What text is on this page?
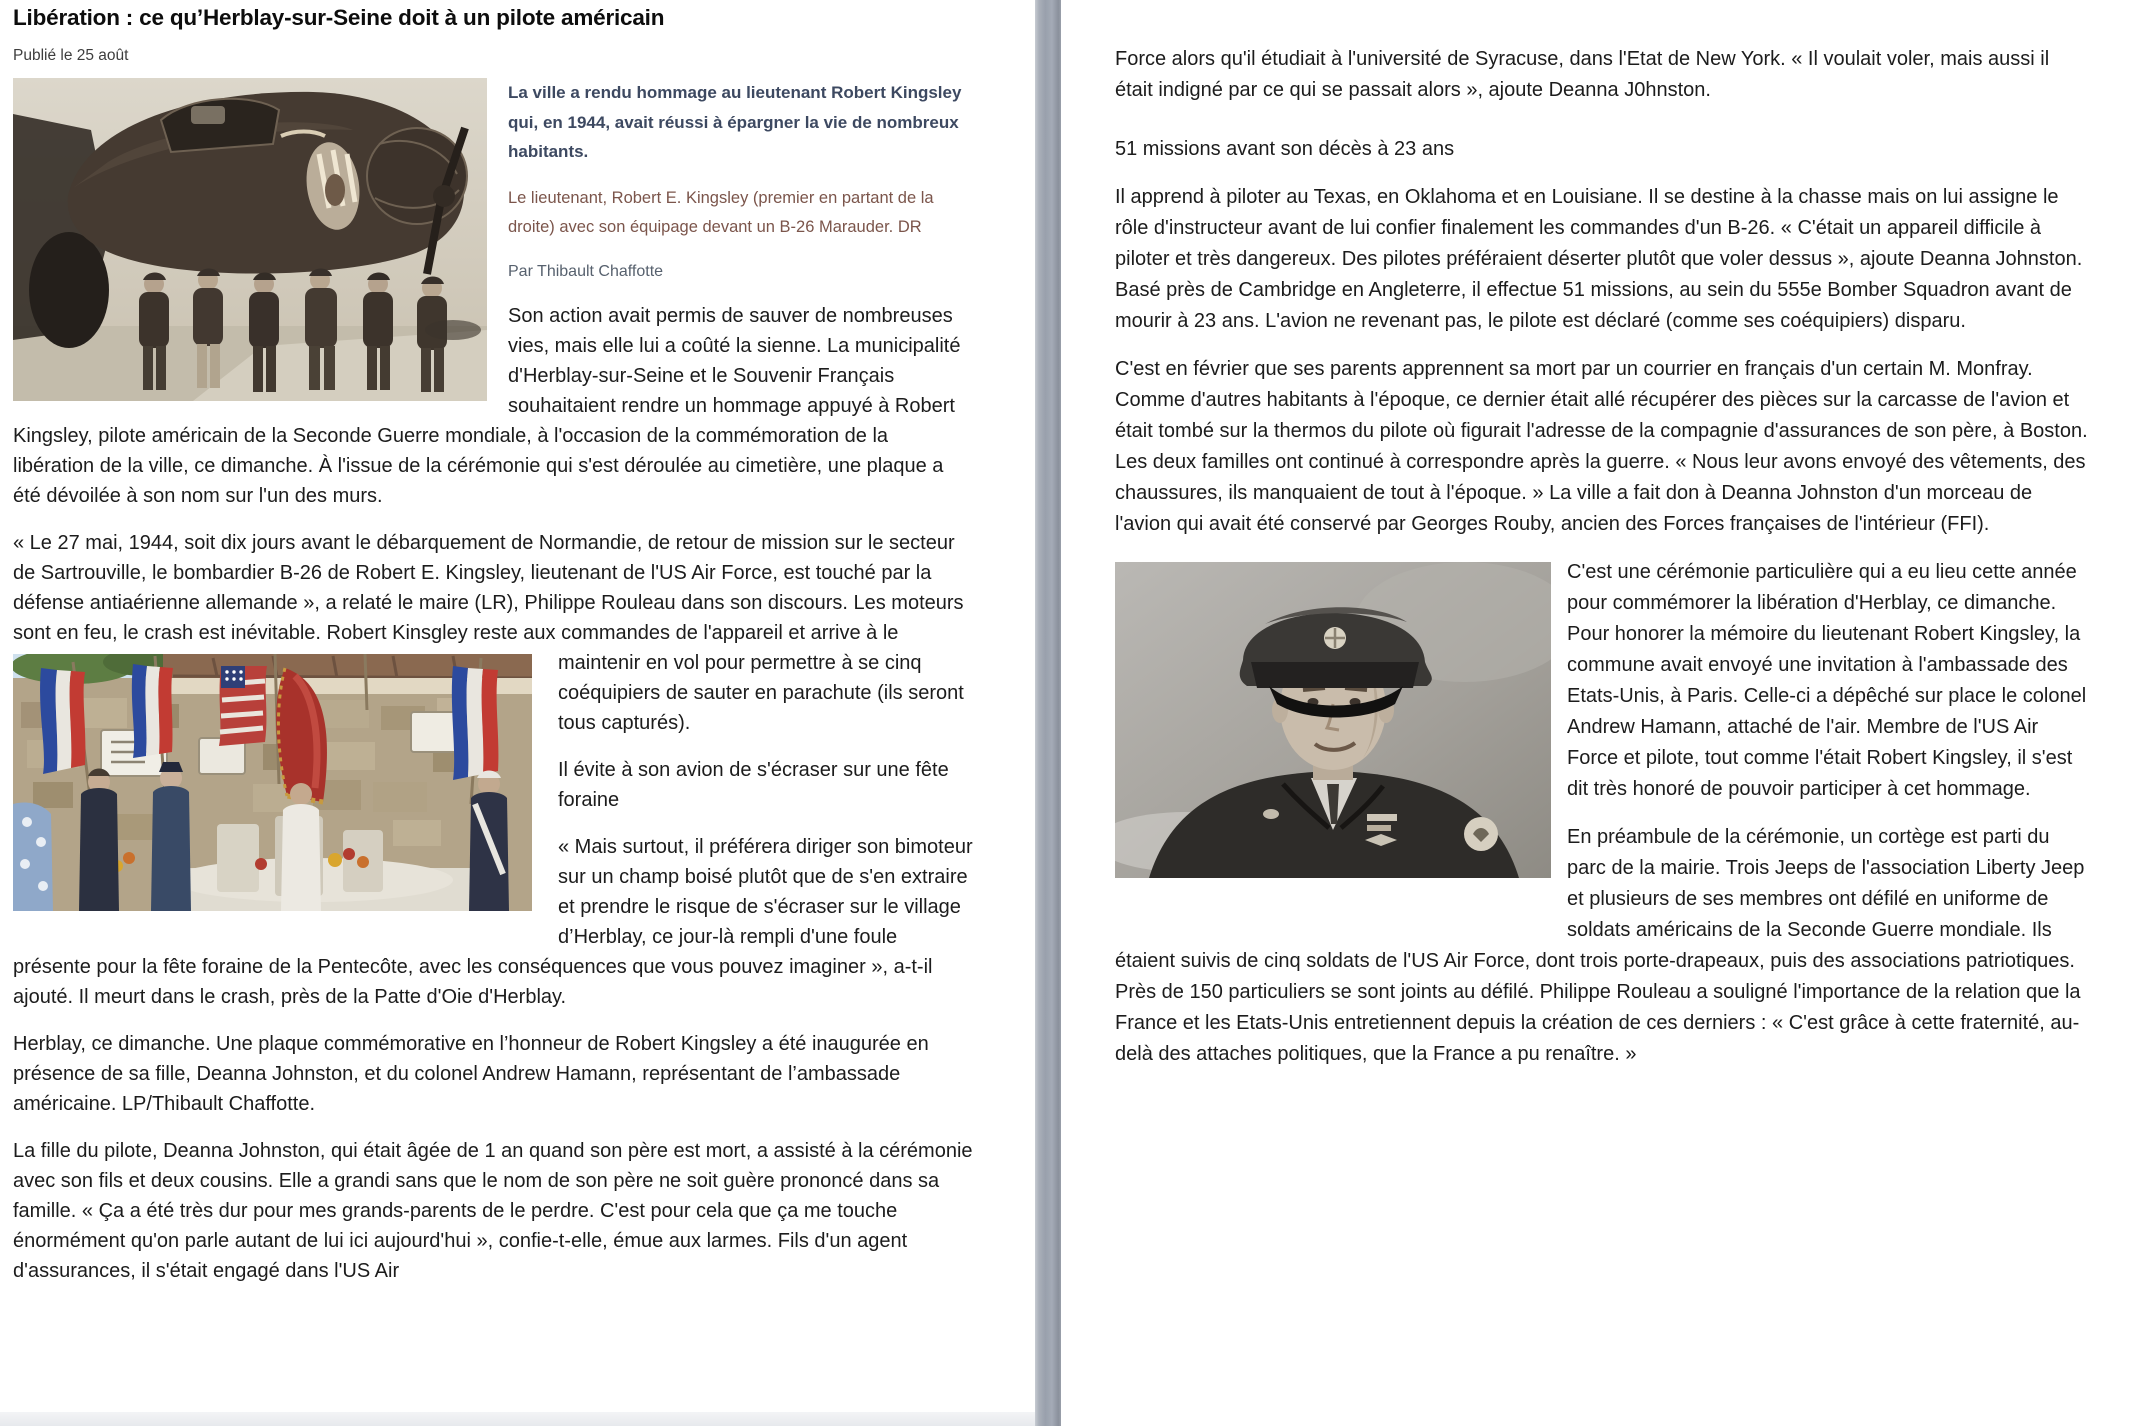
Libération : ce qu’Herblay-sur-Seine doit à un pilote américain

Publié le 25 août

La ville a rendu hommage au lieutenant Robert Kingsley qui, en 1944, avait réussi à épargner la vie de nombreux habitants.

Le lieutenant, Robert E. Kingsley (premier en partant de la droite) avec son équipage devant un B-26 Marauder. DR

Par Thibault Chaffotte

Son action avait permis de sauver de nombreuses vies, mais elle lui a coûté la sienne. La municipalité d'Herblay-sur-Seine et le Souvenir Français souhaitaient rendre un hommage appuyé à Robert Kingsley, pilote américain de la Seconde Guerre mondiale, à l'occasion de la commémoration de la libération de la ville, ce dimanche. À l'issue de la cérémonie qui s'est déroulée au cimetière, une plaque a été dévoilée à son nom sur l'un des murs.

« Le 27 mai, 1944, soit dix jours avant le débarquement de Normandie, de retour de mission sur le secteur de Sartrouville, le bombardier B-26 de Robert E. Kingsley, lieutenant de l'US Air Force, est touché par la défense antiaérienne allemande », a relaté le maire (LR), Philippe Rouleau dans son discours. Les moteurs sont en feu, le crash est inévitable. Robert Kinsgley
reste aux commandes de l'appareil et arrive à le maintenir en vol pour permettre à se cinq coéquipiers de sauter en parachute (ils seront tous capturés).

Il évite à son avion de s'écraser sur une fête foraine

« Mais surtout, il préférera diriger son bimoteur sur un champ boisé plutôt que de s'en extraire et prendre le risque de s'écraser sur le village d’Herblay, ce jour-là rempli d'une foule présente pour la fête foraine de la Pentecôte, avec les conséquences que vous pouvez imaginer », a-t-il ajouté. Il meurt dans le crash, près de la Patte d'Oie d'Herblay.

Herblay, ce dimanche. Une plaque commémorative en l’honneur de Robert Kingsley a été inaugurée en présence de sa fille, Deanna Johnston, et du colonel Andrew Hamann, représentant de l’ambassade américaine. LP/Thibault Chaffotte.

La fille du pilote, Deanna Johnston, qui était âgée de 1 an quand son père est mort, a assisté à la cérémonie avec son fils et deux cousins. Elle a grandi sans que le nom de son père ne soit guère prononcé dans sa famille. « Ça a été très dur pour mes grands-parents de le perdre. C'est pour cela que ça me touche énormément qu'on parle autant de lui ici aujourd'hui », confie-t-elle, émue aux larmes. Fils d'un agent d'assurances, il s'était engagé dans l'US Air

Force alors qu'il étudiait à l'université de Syracuse, dans l'Etat de New York. « Il voulait voler, mais aussi il était indigné par ce qui se passait alors », ajoute Deanna J0hnston.

51 missions avant son décès à 23 ans

Il apprend à piloter au Texas, en Oklahoma et en Louisiane. Il se destine à la chasse mais on lui assigne le rôle d'instructeur avant de lui confier finalement les commandes d'un B-26. « C'était un appareil difficile à piloter et très dangereux. Des pilotes préféraient déserter plutôt que voler dessus », ajoute Deanna Johnston. Basé près de Cambridge en Angleterre, il effectue 51 missions, au sein du 555e Bomber Squadron avant de mourir à 23 ans. L'avion ne revenant pas, le pilote est déclaré (comme ses coéquipiers) disparu.

C'est en février que ses parents apprennent sa mort par un courrier en français d'un certain M. Monfray. Comme d'autres habitants à l'époque, ce dernier était allé récupérer des pièces sur la carcasse de l'avion et était tombé sur la thermos du pilote où figurait l'adresse de la compagnie d'assurances de son père, à Boston. Les deux familles ont continué à correspondre après la guerre. « Nous leur avons envoyé des vêtements, des chaussures, ils manquaient de tout à l'époque. » La ville a fait don à Deanna Johnston d'un morceau de l'avion qui avait été conservé par Georges Rouby, ancien des Forces françaises de l'intérieur (FFI).

C'est une cérémonie particulière qui a eu lieu cette année pour commémorer la libération d'Herblay, ce dimanche. Pour honorer la mémoire du lieutenant Robert Kingsley, la commune avait envoyé une invitation à l'ambassade des Etats-Unis, à Paris. Celle-ci a dépêché sur place le colonel Andrew Hamann, attaché de l'air. Membre de l'US Air Force et pilote, tout comme l'était Robert Kingsley, il s'est dit très honoré de pouvoir participer à cet hommage.

En préambule de la cérémonie, un cortège est parti du parc de la mairie. Trois Jeeps de l'association Liberty Jeep et plusieurs de ses membres ont défilé en uniforme de soldats américains de la Seconde Guerre mondiale. Ils étaient suivis de cinq soldats de l'US Air Force, dont trois porte-drapeaux, puis des associations patriotiques. Près de 150 particuliers se sont joints au défilé. Philippe Rouleau a souligné l'importance de la relation que la France et les Etats-Unis entretiennent depuis la création de ces derniers : « C'est grâce à cette fraternité, au-delà des attaches politiques, que la France a pu renaître. »
